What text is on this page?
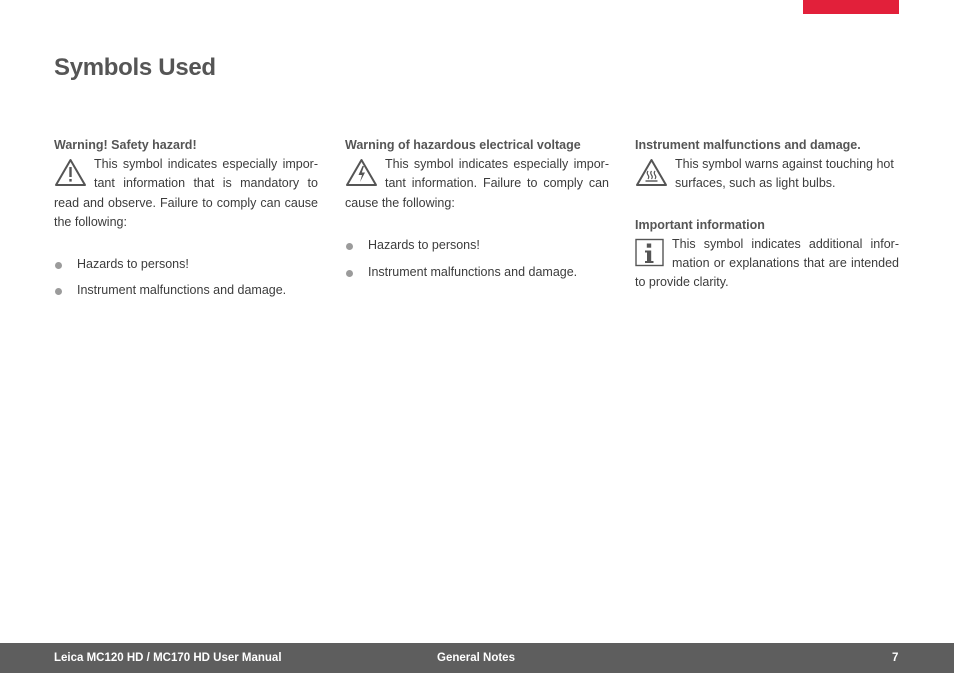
Symbols Used
Warning! Safety hazard!

This symbol indicates especially impor-tant information that is mandatory to read and observe. Failure to comply can cause the following:

Hazards to persons!
Instrument malfunctions and damage.
Warning of hazardous electrical voltage

This symbol indicates especially impor-tant information. Failure to comply can cause the following:

Hazards to persons!
Instrument malfunctions and damage.
Instrument malfunctions and damage.

This symbol warns against touching hot surfaces, such as light bulbs.

Important information

This symbol indicates additional infor-mation or explanations that are intended to provide clarity.

Leica MC120 HD / MC170 HD User Manual	General Notes	7
